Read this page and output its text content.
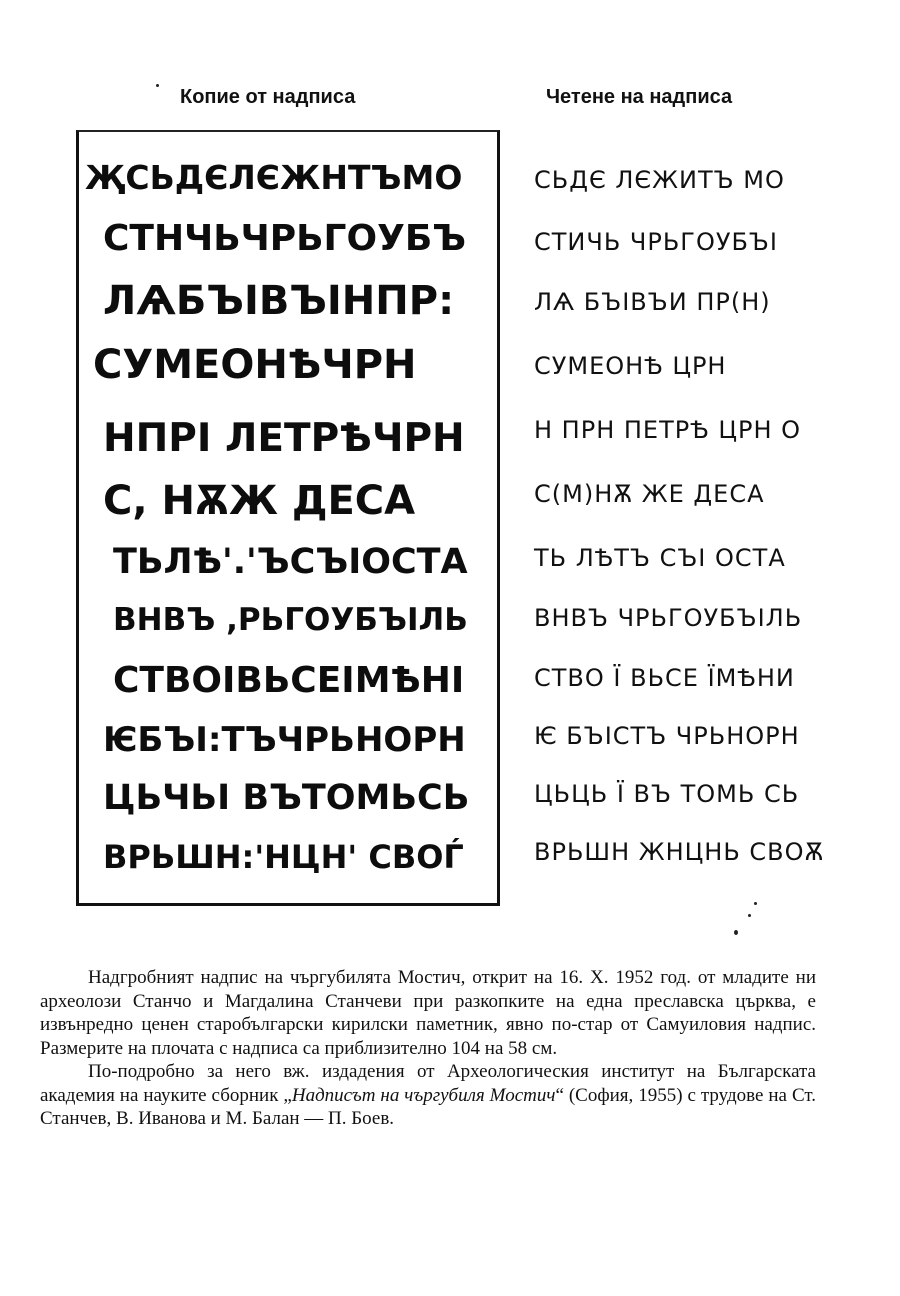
Копие от надписа	Четене на надписа
ҖСЬДЄЛЄЖНТЪМО
СТНЧЬЧРЬГОУБЪ
ЛѦБЪІВЪІНПР:
СУМЕОНѢЧРН
НПРІ ЛЕТРѢЧРН
С, НѪЖ ДЕСА
ТЬЛѢ'.'ЪСЪІОСТА
ВНВЪ ,РЬГОУБЪІЛЬ
СТВОІВЬСЕІМѢНІ
ѤБЪІ:ТЪЧРЬНОРН
ЦЬЧЬІ ВЪТОМЬСЬ
ВРЬШН:'НЦН' СВОЃ
СЬДЄ ЛЄЖИТЪ МО
СТИЧЬ ЧРЬГОУБЪІ
ЛѦ БЪІВЪИ ПР(Н)
СУМЕОНѢ ЦРН
Н ПРН ПЕТРѢ ЦРН О
С(М)НѪ ЖЕ ДЕСА
ТЬ ЛѢТЪ СЪІ ОСТА
ВНВЪ ЧРЬГОУБЪІЛЬ
СТВО Ї ВЬСЕ ЇМѢНИ
Ѥ БЪІСТЪ ЧРЬНОРН
ЦЬЦЬ Ї ВЪ ТОМЬ СЬ
ВРЬШН ЖНЦНЬ СВОѪ

Надгробният надпис на чъргубилята Мостич, открит на 16. X. 1952 год. от младите ни археолози Станчо и Магдалина Станчеви при разкопките на една преславска църква, е извънредно ценен старобългарски кирилски паметник, явно по-стар от Самуиловия надпис. Размерите на плочата с надписа са приблизително 104 на 58 см.

По-подробно за него вж. издадения от Археологическия институт на Българската академия на науките сборник „Надписът на чъргубиля Мостич“ (София, 1955) с трудове на Ст. Станчев, В. Иванова и М. Балан — П. Боев.
